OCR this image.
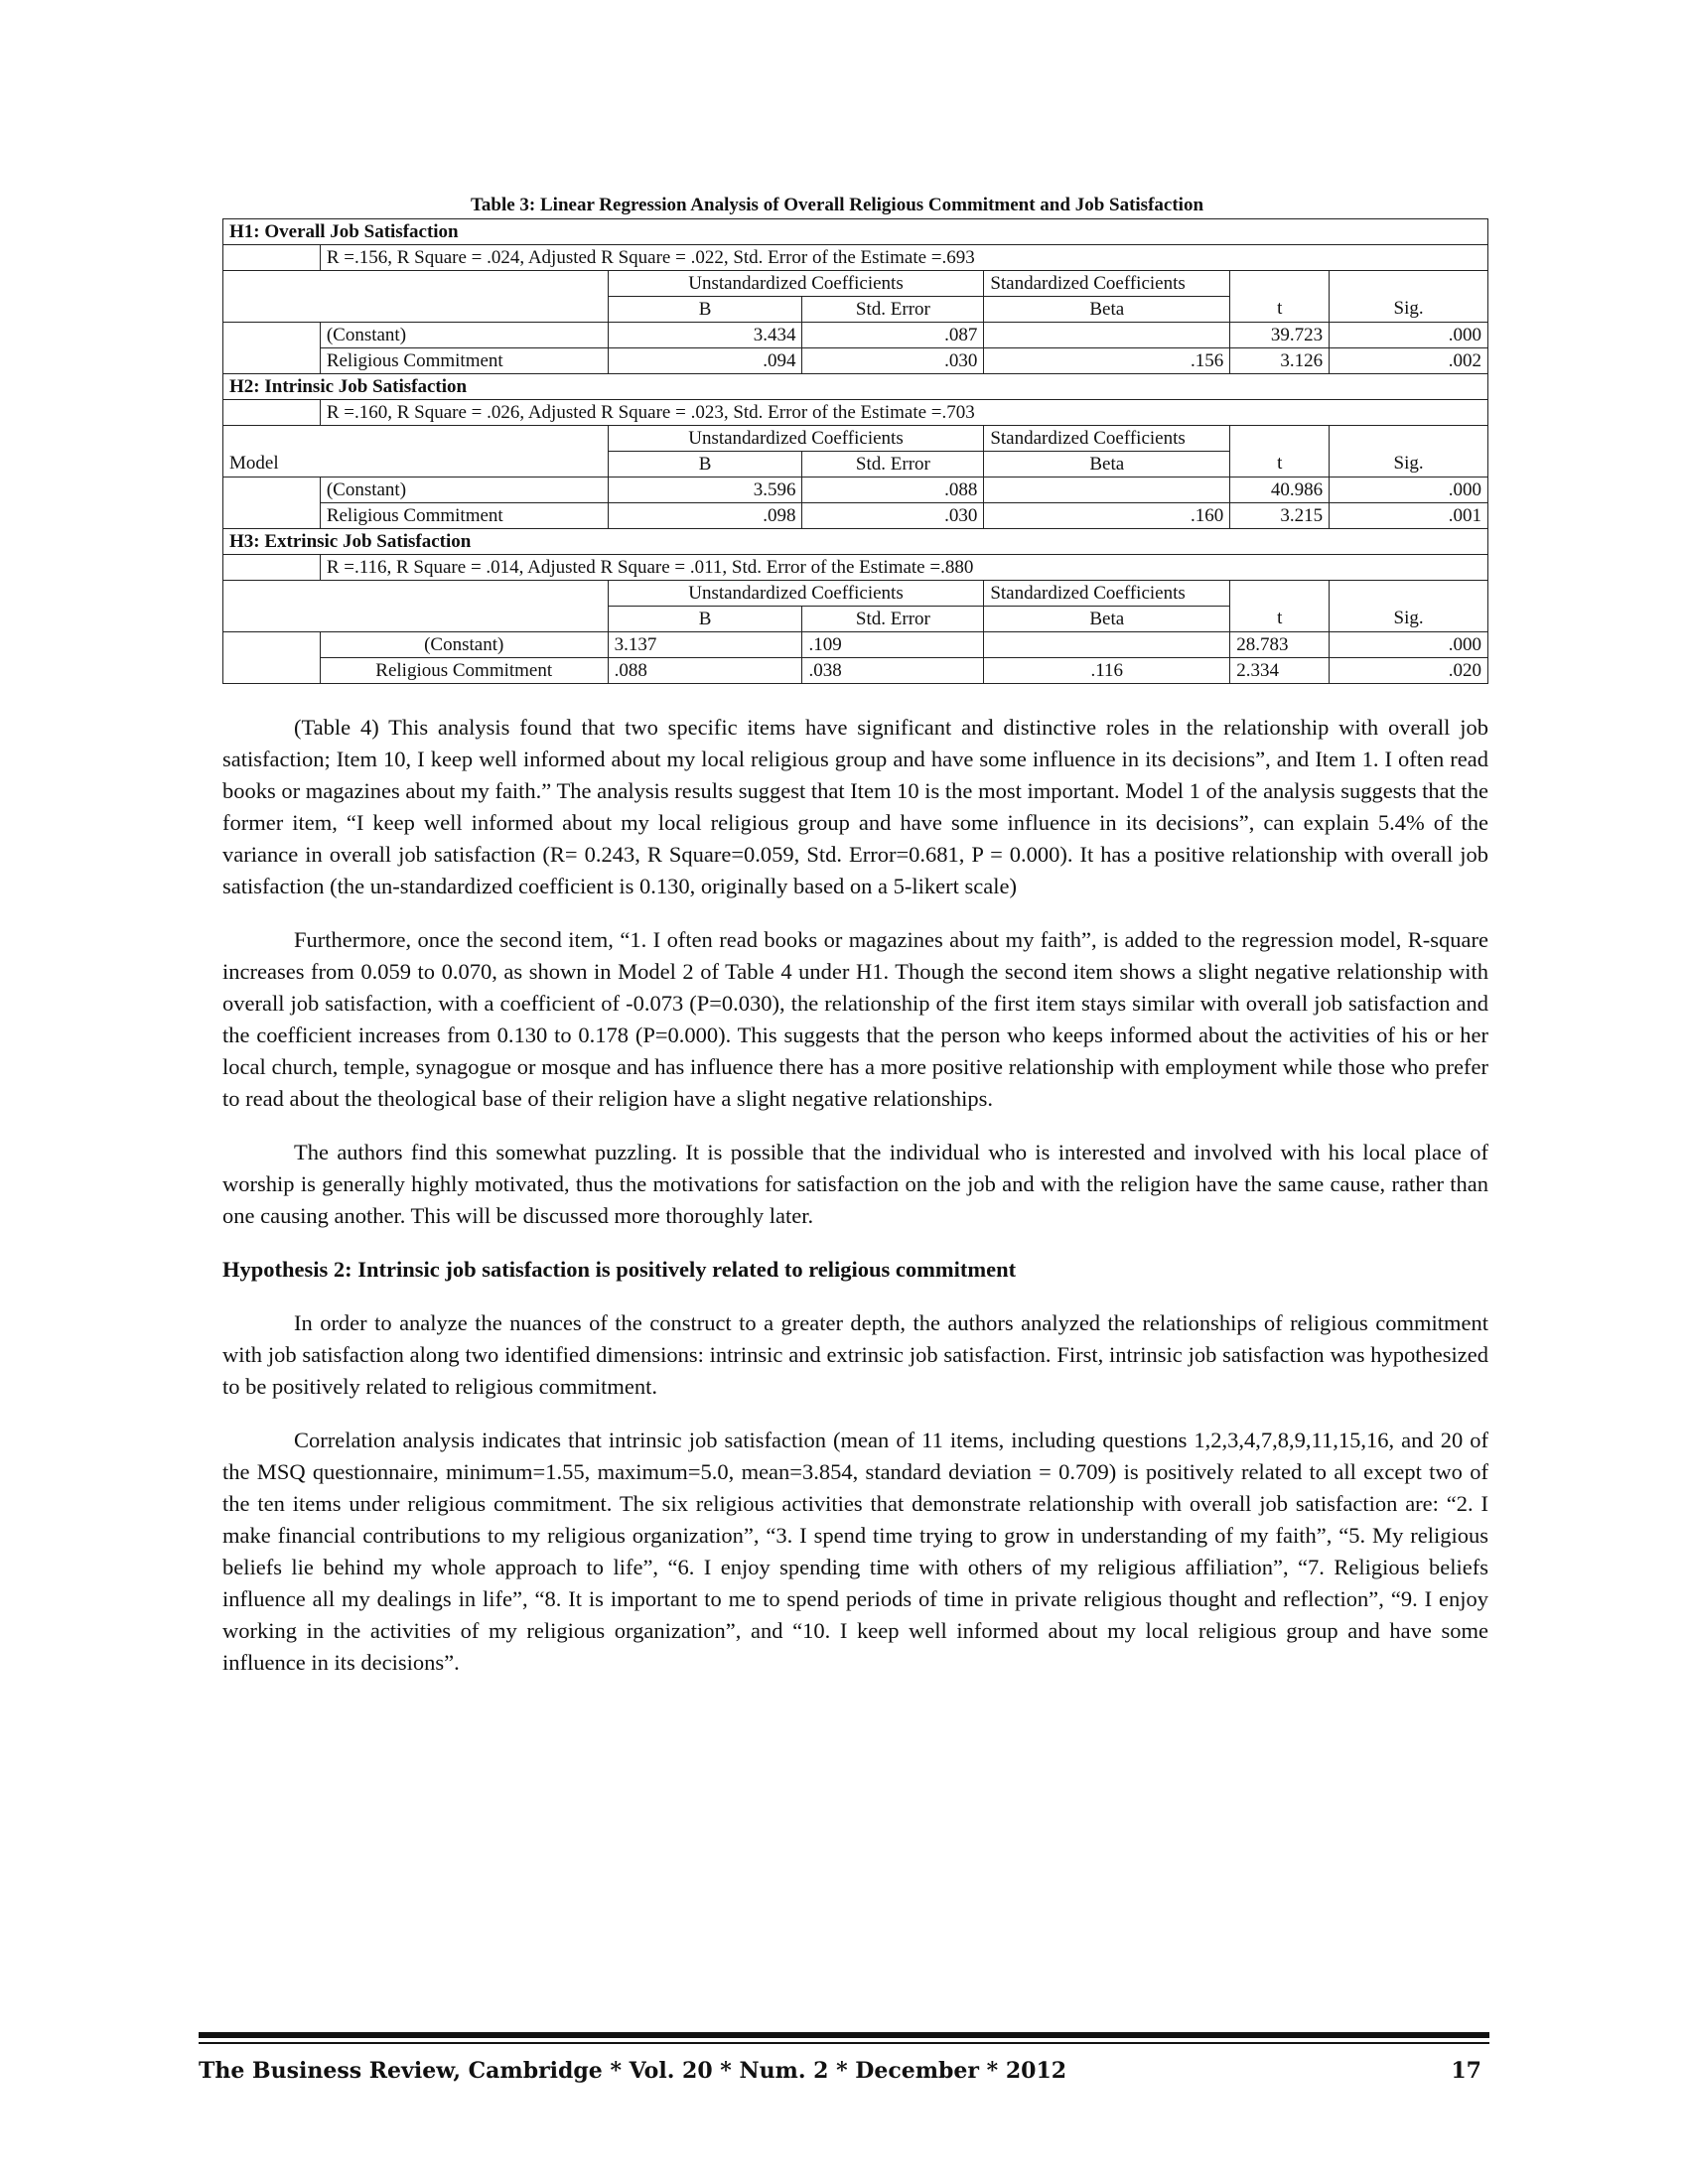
Table 3: Linear Regression Analysis of Overall Religious Commitment and Job Satisfaction
H1: Overall Job Satisfaction						
	R =.156, R Square = .024, Adjusted R Square = .022, Std. Error of the Estimate =.693					
		Unstandardized Coefficients		Standardized Coefficients		
		B	Std. Error	Beta	t	Sig.
	(Constant)	3.434	.087		39.723	.000
	Religious Commitment	.094	.030	.156	3.126	.002
H2: Intrinsic Job Satisfaction						
	R =.160, R Square = .026, Adjusted R Square = .023, Std. Error of the Estimate =.703					
		Unstandardized Coefficients		Standardized Coefficients		
Model		B	Std. Error	Beta	t	Sig.
	(Constant)	3.596	.088		40.986	.000
	Religious Commitment	.098	.030	.160	3.215	.001
H3: Extrinsic Job Satisfaction						
	R =.116, R Square = .014, Adjusted R Square = .011, Std. Error of the Estimate =.880					
		Unstandardized Coefficients		Standardized Coefficients		
		B	Std. Error	Beta	t	Sig.
	(Constant)	3.137	.109		28.783	.000
	Religious Commitment	.088	.038	.116	2.334	.020

(Table 4) This analysis found that two specific items have significant and distinctive roles in the relationship with overall job satisfaction; Item 10, I keep well informed about my local religious group and have some influence in its decisions”, and Item 1. I often read books or magazines about my faith.” The analysis results suggest that Item 10 is the most important. Model 1 of the analysis suggests that the former item, “I keep well informed about my local religious group and have some influence in its decisions”, can explain 5.4% of the variance in overall job satisfaction (R= 0.243, R Square=0.059, Std. Error=0.681, P = 0.000). It has a positive relationship with overall job satisfaction (the un-standardized coefficient is 0.130, originally based on a 5-likert scale)

Furthermore, once the second item, “1. I often read books or magazines about my faith”, is added to the regression model, R-square increases from 0.059 to 0.070, as shown in Model 2 of Table 4 under H1. Though the second item shows a slight negative relationship with overall job satisfaction, with a coefficient of -0.073 (P=0.030), the relationship of the first item stays similar with overall job satisfaction and the coefficient increases from 0.130 to 0.178 (P=0.000). This suggests that the person who keeps informed about the activities of his or her local church, temple, synagogue or mosque and has influence there has a more positive relationship with employment while those who prefer to read about the theological base of their religion have a slight negative relationships.

The authors find this somewhat puzzling. It is possible that the individual who is interested and involved with his local place of worship is generally highly motivated, thus the motivations for satisfaction on the job and with the religion have the same cause, rather than one causing another. This will be discussed more thoroughly later.

Hypothesis 2: Intrinsic job satisfaction is positively related to religious commitment

In order to analyze the nuances of the construct to a greater depth, the authors analyzed the relationships of religious commitment with job satisfaction along two identified dimensions: intrinsic and extrinsic job satisfaction. First, intrinsic job satisfaction was hypothesized to be positively related to religious commitment.

Correlation analysis indicates that intrinsic job satisfaction (mean of 11 items, including questions 1,2,3,4,7,8,9,11,15,16, and 20 of the MSQ questionnaire, minimum=1.55, maximum=5.0, mean=3.854, standard deviation = 0.709) is positively related to all except two of the ten items under religious commitment. The six religious activities that demonstrate relationship with overall job satisfaction are: “2. I make financial contributions to my religious organization”, “3. I spend time trying to grow in understanding of my faith”, “5. My religious beliefs lie behind my whole approach to life”, “6. I enjoy spending time with others of my religious affiliation”, “7. Religious beliefs influence all my dealings in life”, “8. It is important to me to spend periods of time in private religious thought and reflection”, “9. I enjoy working in the activities of my religious organization”, and “10. I keep well informed about my local religious group and have some influence in its decisions”.

The Business Review, Cambridge * Vol. 20 * Num. 2 * December * 2012	17
